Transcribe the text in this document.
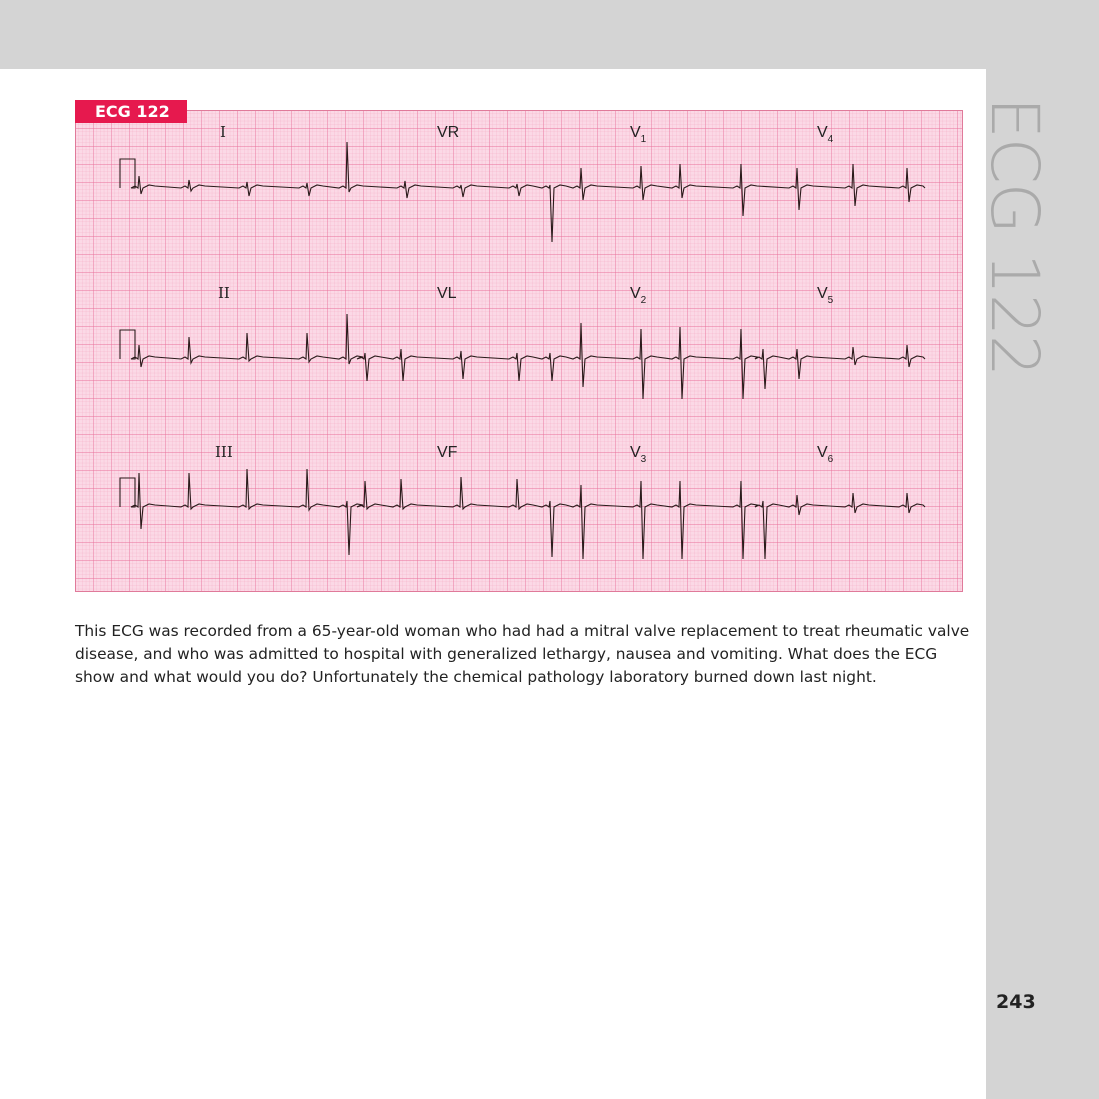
ECG 122
ECG 122
I	VR	$V_1$	$V_4$
II	VL	$V_2$	$V_5$
III	VF	$V_3$	$V_6$
This ECG was recorded from a 65-year-old woman who had had a mitral valve replacement to treat rheumatic valve disease, and who was admitted to hospital with generalized lethargy, nausea and vomiting. What does the ECG show and what would you do? Unfortunately the chemical pathology laboratory burned down last night.
243
